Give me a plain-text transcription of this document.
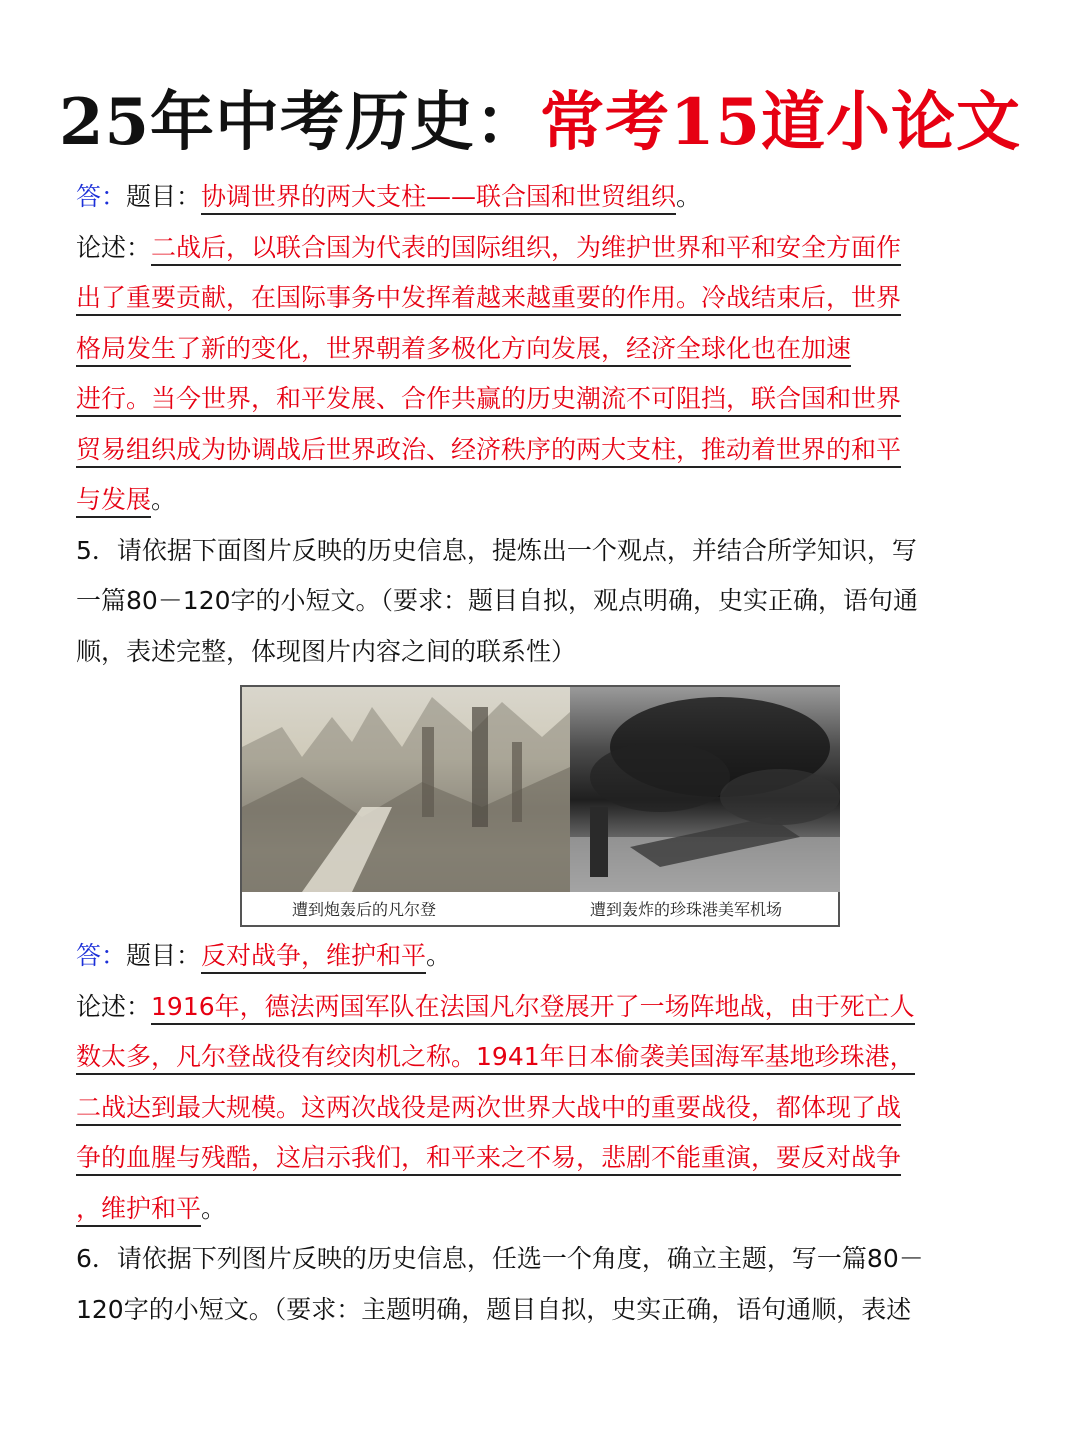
25年中考历史：常考15道小论文

答：题目：协调世界的两大支柱——联合国和世贸组织。

论述：二战后，以联合国为代表的国际组织，为维护世界和平和安全方面作
出了重要贡献，在国际事务中发挥着越来越重要的作用。冷战结束后，世界
格局发生了新的变化，世界朝着多极化方向发展，经济全球化也在加速
进行。当今世界，和平发展、合作共赢的历史潮流不可阻挡，联合国和世界
贸易组织成为协调战后世界政治、经济秩序的两大支柱，推动着世界的和平
与发展。
5．请依据下面图片反映的历史信息，提炼出一个观点，并结合所学知识，写
一篇80－120字的小短文。（要求：题目自拟，观点明确，史实正确，语句通
顺，表述完整，体现图片内容之间的联系性）
遭到炮轰后的凡尔登	遭到轰炸的珍珠港美军机场

答：题目：反对战争，维护和平。

论述：1916年，德法两国军队在法国凡尔登展开了一场阵地战，由于死亡人
数太多，凡尔登战役有绞肉机之称。1941年日本偷袭美国海军基地珍珠港，
二战达到最大规模。这两次战役是两次世界大战中的重要战役，都体现了战
争的血腥与残酷，这启示我们，和平来之不易，悲剧不能重演，要反对战争
，维护和平。
6．请依据下列图片反映的历史信息，任选一个角度，确立主题，写一篇80－
120字的小短文。（要求：主题明确，题目自拟，史实正确，语句通顺，表述
